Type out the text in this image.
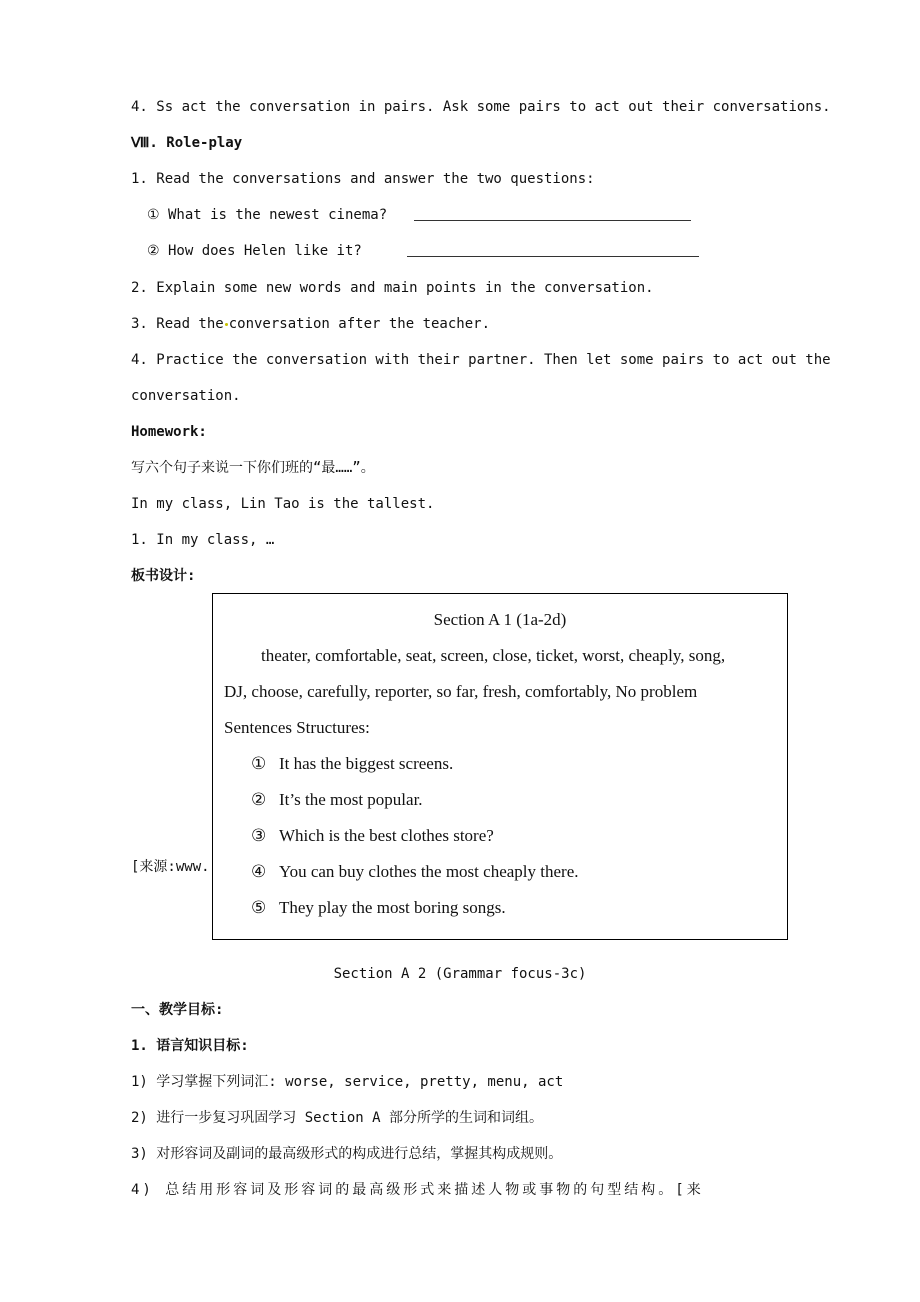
4. Ss act the conversation in pairs. Ask some pairs to act out their conversations.
Ⅷ. Role-play
1. Read the conversations and answer the two questions:
① What is the newest cinema?
② How does Helen like it?
2. Explain some new words and main points in the conversation.
3. Read the conversation after the teacher.
4. Practice the conversation with their partner. Then let some pairs to act out the
conversation.
Homework:
写六个句子来说一下你们班的“最……”。
In my class, Lin Tao is the tallest.
1. In my class, …
板书设计:
[来源:www.
Section A 1 (1a-2d)
theater, comfortable, seat, screen, close, ticket, worst, cheaply, song,
DJ, choose, carefully, reporter, so far, fresh, comfortably, No problem
Sentences Structures:
① It has the biggest screens.
② It’s the most popular.
③ Which is the best clothes store?
④ You can buy clothes the most cheaply there.
⑤ They play the most boring songs.
Section A 2 (Grammar focus-3c)
一、教学目标:
1. 语言知识目标:
1) 学习掌握下列词汇: worse, service, pretty, menu, act
2) 进行一步复习巩固学习 Section A 部分所学的生词和词组。
3) 对形容词及副词的最高级形式的构成进行总结，掌握其构成规则。
4) 总结用形容词及形容词的最高级形式来描述人物或事物的句型结构。[来
